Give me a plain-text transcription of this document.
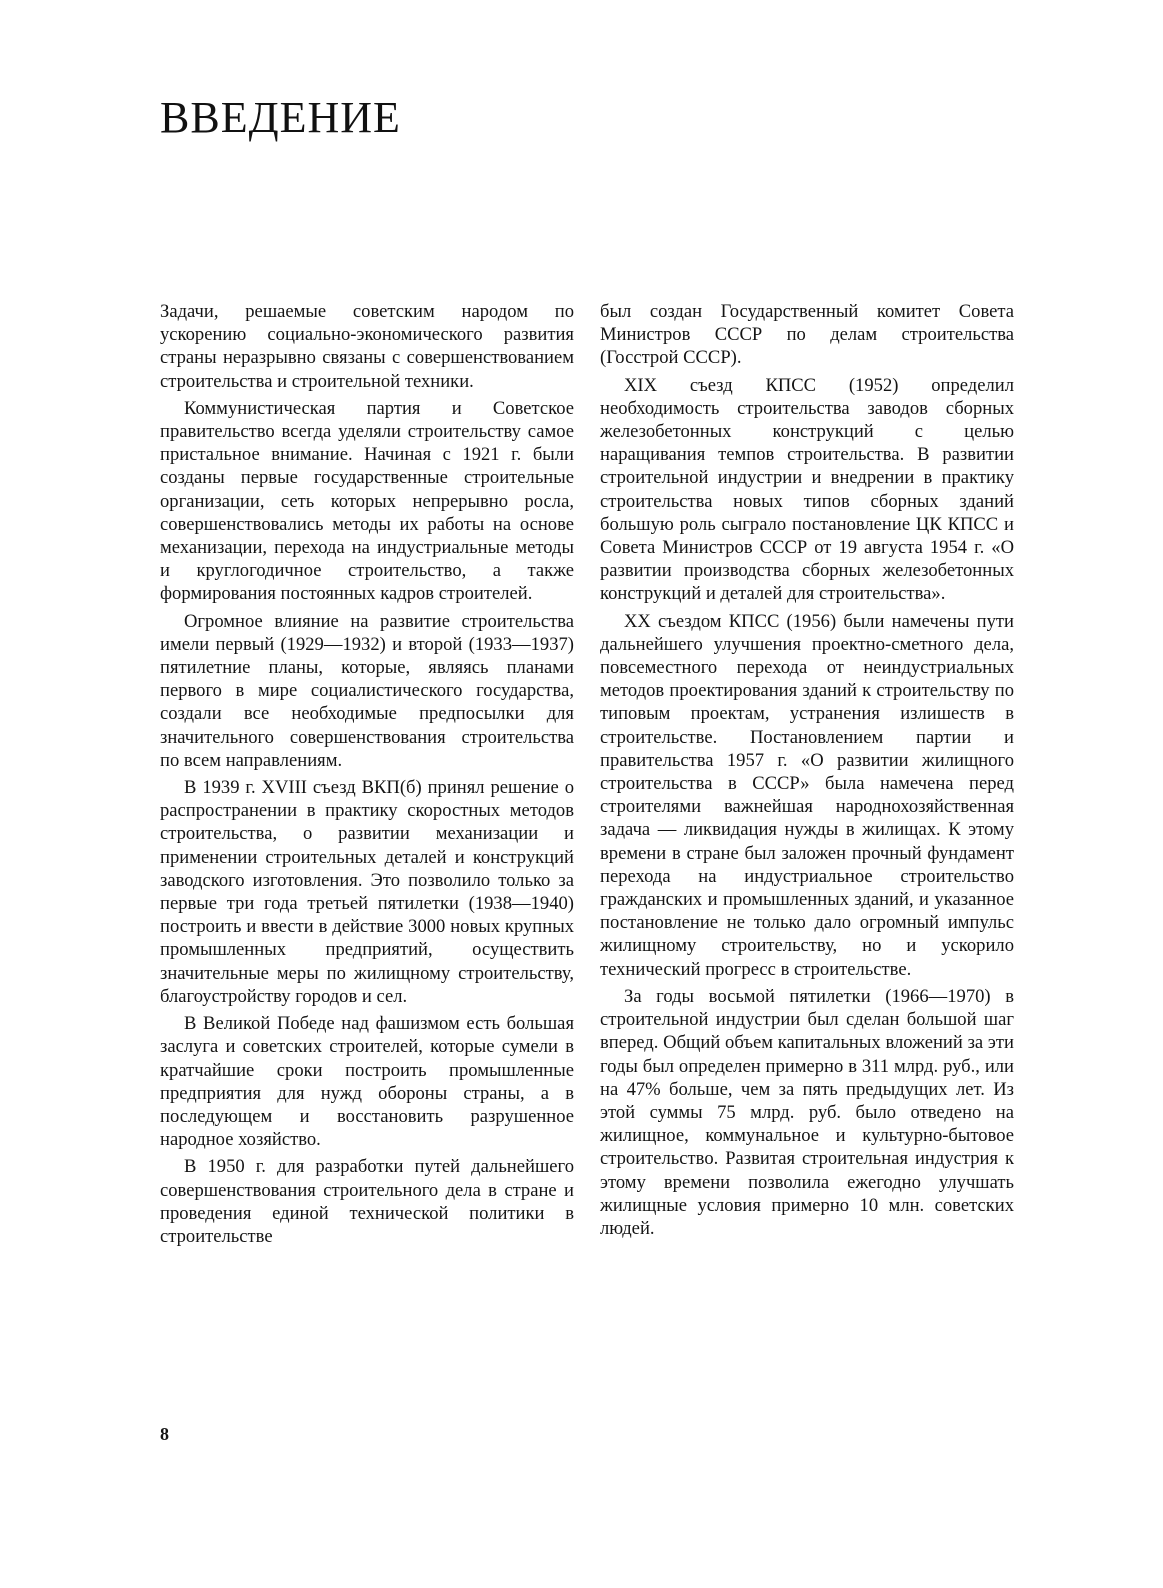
ВВЕДЕНИЕ

Задачи, решаемые советским народом по ускорению социально-экономического развития страны неразрывно связаны с совершенствованием строительства и строительной техники.

Коммунистическая партия и Советское правительство всегда уделяли строительству самое пристальное внимание. Начиная с 1921 г. были созданы первые государственные строительные организации, сеть которых непрерывно росла, совершенствовались методы их работы на основе механизации, перехода на индустриальные методы и круглогодичное строительство, а также формирования постоянных кадров строителей.

Огромное влияние на развитие строительства имели первый (1929—1932) и второй (1933—1937) пятилетние планы, которые, являясь планами первого в мире социалистического государства, создали все необходимые предпосылки для значительного совершенствования строительства по всем направлениям.

В 1939 г. XVIII съезд ВКП(б) принял решение о распространении в практику скоростных методов строительства, о развитии механизации и применении строительных деталей и конструкций заводского изготовления. Это позволило только за первые три года третьей пятилетки (1938—1940) построить и ввести в действие 3000 новых крупных промышленных предприятий, осуществить значительные меры по жилищному строительству, благоустройству городов и сел.

В Великой Победе над фашизмом есть большая заслуга и советских строителей, которые сумели в кратчайшие сроки построить промышленные предприятия для нужд обороны страны, а в последующем и восстановить разрушенное народное хозяйство.

В 1950 г. для разработки путей дальнейшего совершенствования строительного дела в стране и проведения единой технической политики в строительстве

был создан Государственный комитет Совета Министров СССР по делам строительства (Госстрой СССР).

XIX съезд КПСС (1952) определил необходимость строительства заводов сборных железобетонных конструкций с целью наращивания темпов строительства. В развитии строительной индустрии и внедрении в практику строительства новых типов сборных зданий большую роль сыграло постановление ЦК КПСС и Совета Министров СССР от 19 августа 1954 г. «О развитии производства сборных железобетонных конструкций и деталей для строительства».

XX съездом КПСС (1956) были намечены пути дальнейшего улучшения проектно-сметного дела, повсеместного перехода от неиндустриальных методов проектирования зданий к строительству по типовым проектам, устранения излишеств в строительстве. Постановлением партии и правительства 1957 г. «О развитии жилищного строительства в СССР» была намечена перед строителями важнейшая народнохозяйственная задача — ликвидация нужды в жилищах. К этому времени в стране был заложен прочный фундамент перехода на индустриальное строительство гражданских и промышленных зданий, и указанное постановление не только дало огромный импульс жилищному строительству, но и ускорило технический прогресс в строительстве.

За годы восьмой пятилетки (1966—1970) в строительной индустрии был сделан большой шаг вперед. Общий объем капитальных вложений за эти годы был определен примерно в 311 млрд. руб., или на 47% больше, чем за пять предыдущих лет. Из этой суммы 75 млрд. руб. было отведено на жилищное, коммунальное и культурно-бытовое строительство. Развитая строительная индустрия к этому времени позволила ежегодно улучшать жилищные условия примерно 10 млн. советских людей.

8
